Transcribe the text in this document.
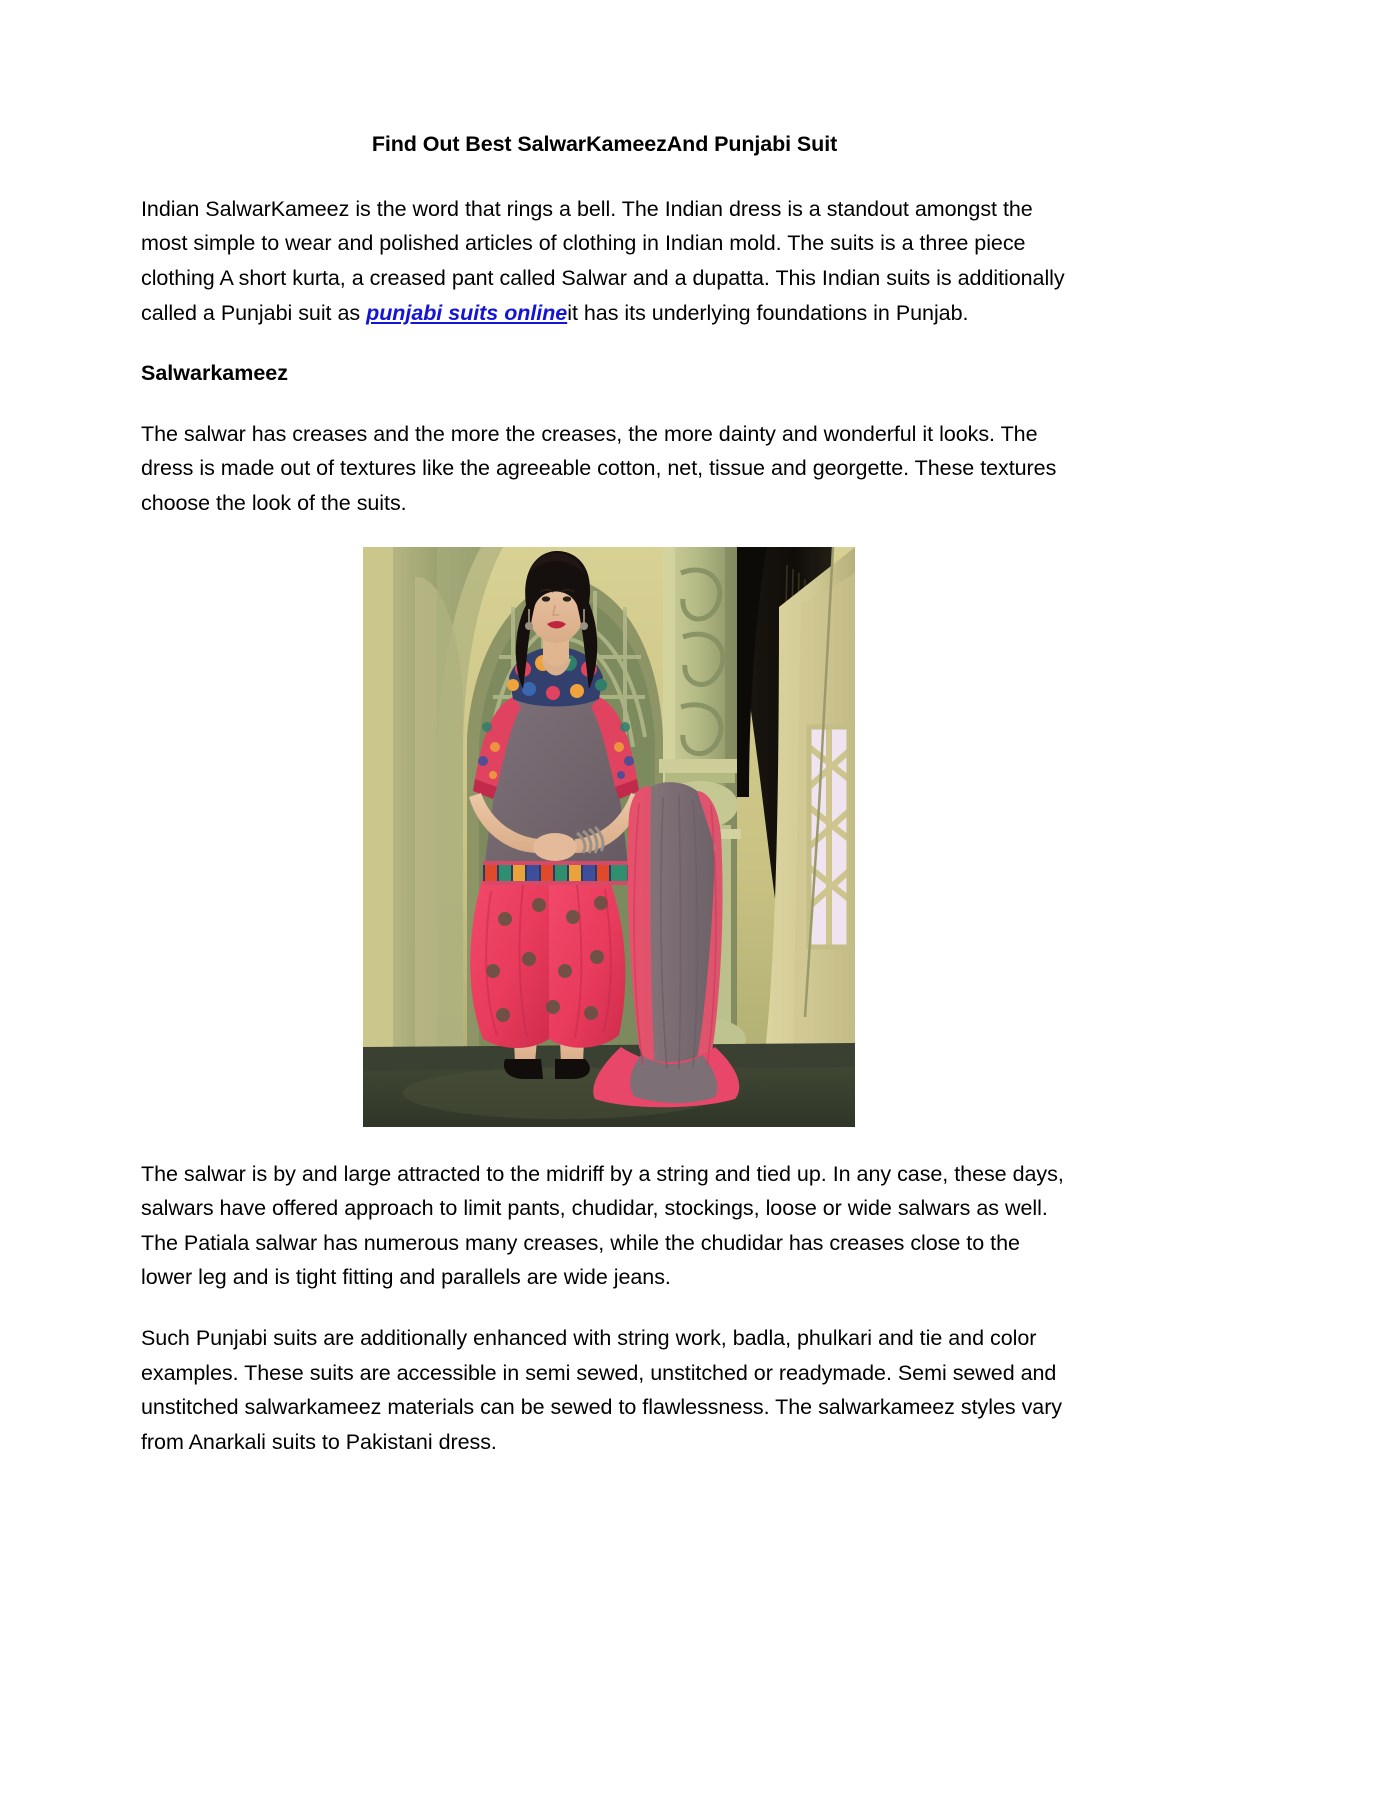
Find Out Best SalwarKameezAnd Punjabi Suit

Indian SalwarKameez is the word that rings a bell. The Indian dress is a standout amongst the most simple to wear and polished articles of clothing in Indian mold. The suits is a three piece clothing A short kurta, a creased pant called Salwar and a dupatta. This Indian suits is additionally called a Punjabi suit as punjabi suits onlineit has its underlying foundations in Punjab.

Salwarkameez

The salwar has creases and the more the creases, the more dainty and wonderful it looks. The dress is made out of textures like the agreeable cotton, net, tissue and georgette. These textures choose the look of the suits.

The salwar is by and large attracted to the midriff by a string and tied up. In any case, these days, salwars have offered approach to limit pants, chudidar, stockings, loose or wide salwars as well. The Patiala salwar has numerous many creases, while the chudidar has creases close to the lower leg and is tight fitting and parallels are wide jeans.

Such Punjabi suits are additionally enhanced with string work, badla, phulkari and tie and color examples. These suits are accessible in semi sewed, unstitched or readymade. Semi sewed and unstitched salwarkameez materials can be sewed to flawlessness. The salwarkameez styles vary from Anarkali suits to Pakistani dress.
